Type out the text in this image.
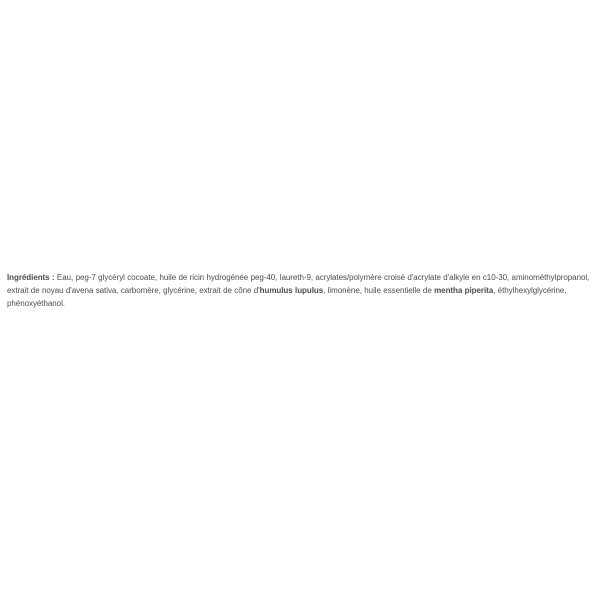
Ingrédients : Eau, peg-7 glycéryl cocoate, huile de ricin hydrogénée peg-40, laureth-9, acrylates/polymère croisé d'acrylate d'alkyle en c10-30, aminométhylpropanol, extrait de noyau d'avena sativa, carbomère, glycérine, extrait de cône d'humulus lupulus, limonène, huile essentielle de mentha piperita, éthylhexylglycérine, phénoxyéthanol.
